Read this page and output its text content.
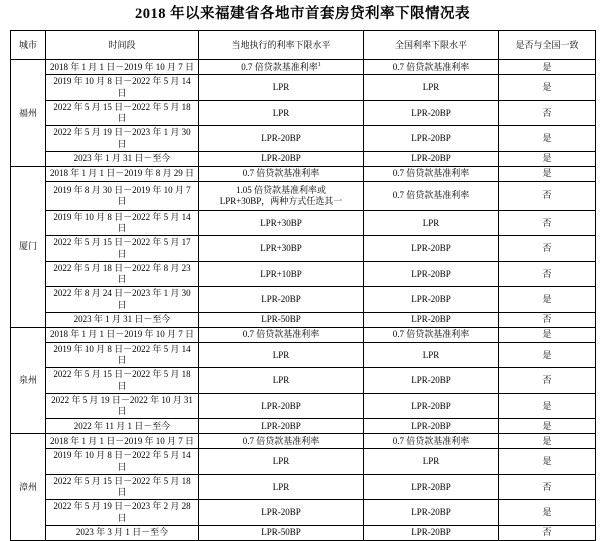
2018 年以来福建省各地市首套房贷利率下限情况表
城市	时间段	当地执行的利率下限水平	全国利率下限水平	是否与全国一致
福州	2018 年 1 月 1 日－2019 年 10 月 7 日	0.7 倍贷款基准利率$^1$	0.7 倍贷款基准利率	是
	2019 年 10 月 8 日－2022 年 5 月 14 日	LPR	LPR	是
	2022 年 5 月 15 日－2022 年 5 月 18 日	LPR	LPR-20BP	否
	2022 年 5 月 19 日－2023 年 1 月 30 日	LPR-20BP	LPR-20BP	是
	2023 年 1 月 31 日－至今	LPR-20BP	LPR-20BP	是
厦门	2018 年 1 月 1 日－2019 年 8 月 29 日	0.7 倍贷款基准利率	0.7 倍贷款基准利率	是
	2019 年 8 月 30 日－2019 年 10 月 7 日	1.05 倍贷款基准利率或
LPR+30BP，两种方式任选其一	0.7 倍贷款基准利率	否
	2019 年 10 月 8 日－2022 年 5 月 14 日	LPR+30BP	LPR	否
	2022 年 5 月 15 日－2022 年 5 月 17 日	LPR+30BP	LPR-20BP	否
	2022 年 5 月 18 日－2022 年 8 月 23 日	LPR+10BP	LPR-20BP	否
	2022 年 8 月 24 日－2023 年 1 月 30 日	LPR-20BP	LPR-20BP	是
	2023 年 1 月 31 日－至今	LPR-50BP	LPR-20BP	否
泉州	2018 年 1 月 1 日－2019 年 10 月 7 日	0.7 倍贷款基准利率	0.7 倍贷款基准利率	是
	2019 年 10 月 8 日－2022 年 5 月 14 日	LPR	LPR	是
	2022 年 5 月 15 日－2022 年 5 月 18 日	LPR	LPR-20BP	否
	2022 年 5 月 19 日－2022 年 10 月 31 日	LPR-20BP	LPR-20BP	是
	2022 年 11 月 1 日－至今	LPR-20BP	LPR-20BP	是
漳州	2018 年 1 月 1 日－2019 年 10 月 7 日	0.7 倍贷款基准利率	0.7 倍贷款基准利率	是
	2019 年 10 月 8 日－2022 年 5 月 14 日	LPR	LPR	是
	2022 年 5 月 15 日－2022 年 5 月 18 日	LPR	LPR-20BP	否
	2022 年 5 月 19 日－2023 年 2 月 28 日	LPR-20BP	LPR-20BP	是
	2023 年 3 月 1 日－至今	LPR-50BP	LPR-20BP	否
